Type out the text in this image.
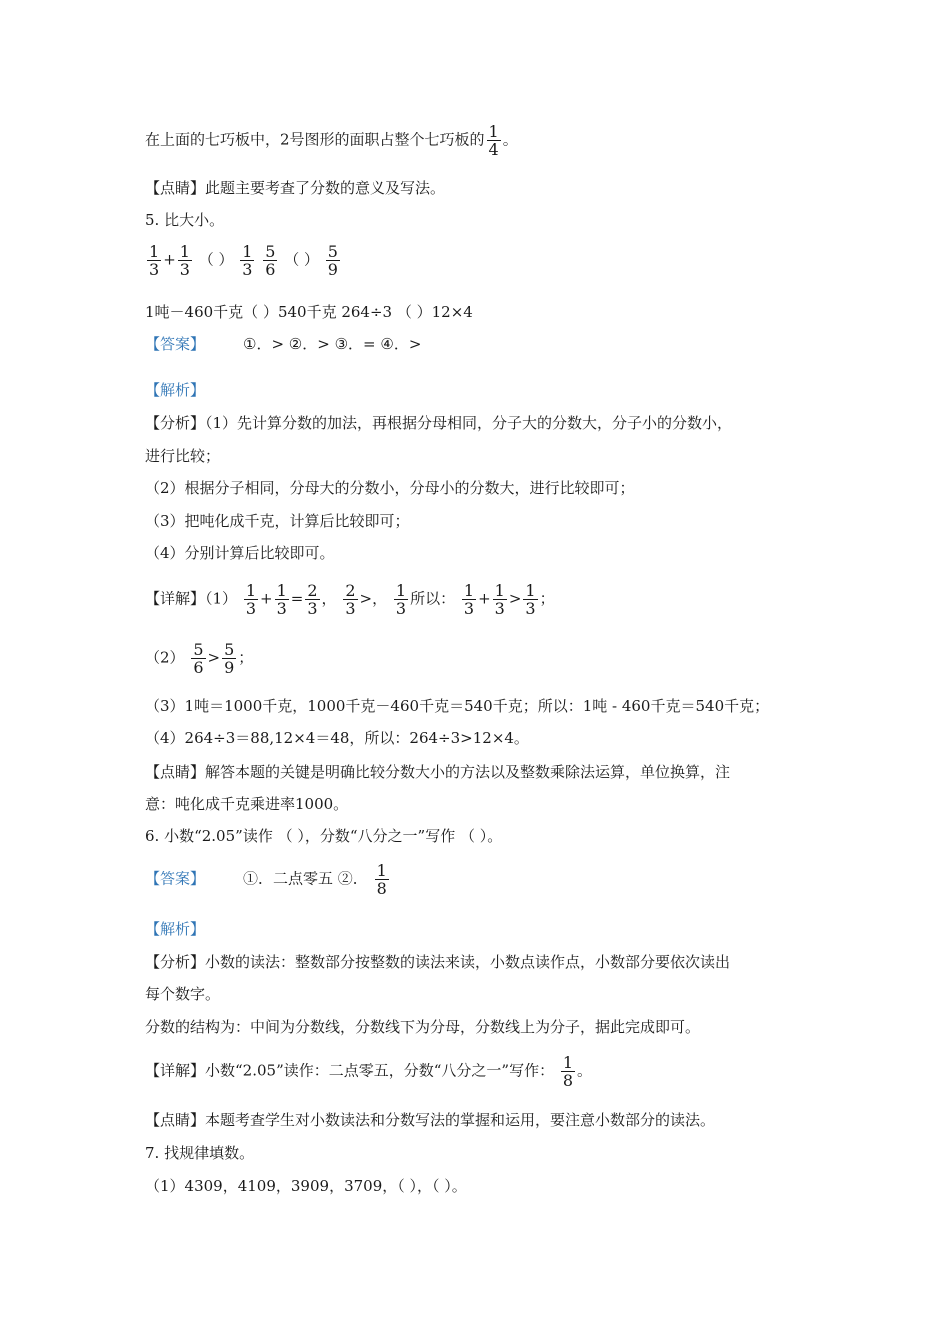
在上面的七巧板中，2号图形的面职占整个七巧板的 $\frac{1}{4}$ 。
【点睛】此题主要考查了分数的意义及写法。
5. 比大小。
$\frac{1}{3} + \frac{1}{3}$ （ ） $\frac{1}{3}$
$\frac{5}{6}$ （ ） $\frac{5}{9}$
1吨－460千克（ ）540千克 264÷3 （ ）12×4
【答案】	①．> ②．> ③．= ④．>
【解析】
【分析】（1）先计算分数的加法，再根据分母相同，分子大的分数大，分子小的分数小，
进行比较；
（2）根据分子相同，分母大的分数小，分母小的分数大，进行比较即可；
（3）把吨化成千克，计算后比较即可；
（4）分别计算后比较即可。
【详解】$(1) \frac{1}{3} + \frac{1}{3} = \frac{2}{3}$ ， $\frac{2}{3}$ >， $\frac{1}{3}$ 所以： $\frac{1}{3} + \frac{1}{3} > \frac{1}{3}$ ；
$(2) \frac{5}{6} > \frac{5}{9}$ ；
（3）1吨＝1000千克，1000千克－460千克＝540千克；所以：1吨 - 460千克＝540千克；
（4）264÷3＝88,12×4＝48，所以：264÷3>12×4。
【点睛】解答本题的关键是明确比较分数大小的方法以及整数乘除法运算，单位换算，注
意：吨化成千克乘进率1000。
6. 小数“2.05”读作 （ ），分数“八分之一”写作 （ ）。
【答案】	①．二点零五 ②． $\frac{1}{8}$
【解析】
【分析】小数的读法：整数部分按整数的读法来读，小数点读作点，小数部分要依次读出
每个数字。
分数的结构为：中间为分数线，分数线下为分母，分数线上为分子，据此完成即可。
【详解】小数“2.05”读作：二点零五，分数“八分之一”写作： $\frac{1}{8}$ 。
【点睛】本题考查学生对小数读法和分数写法的掌握和运用，要注意小数部分的读法。
7. 找规律填数。
（1）4309，4109，3909，3709，（ ），（ ）。
